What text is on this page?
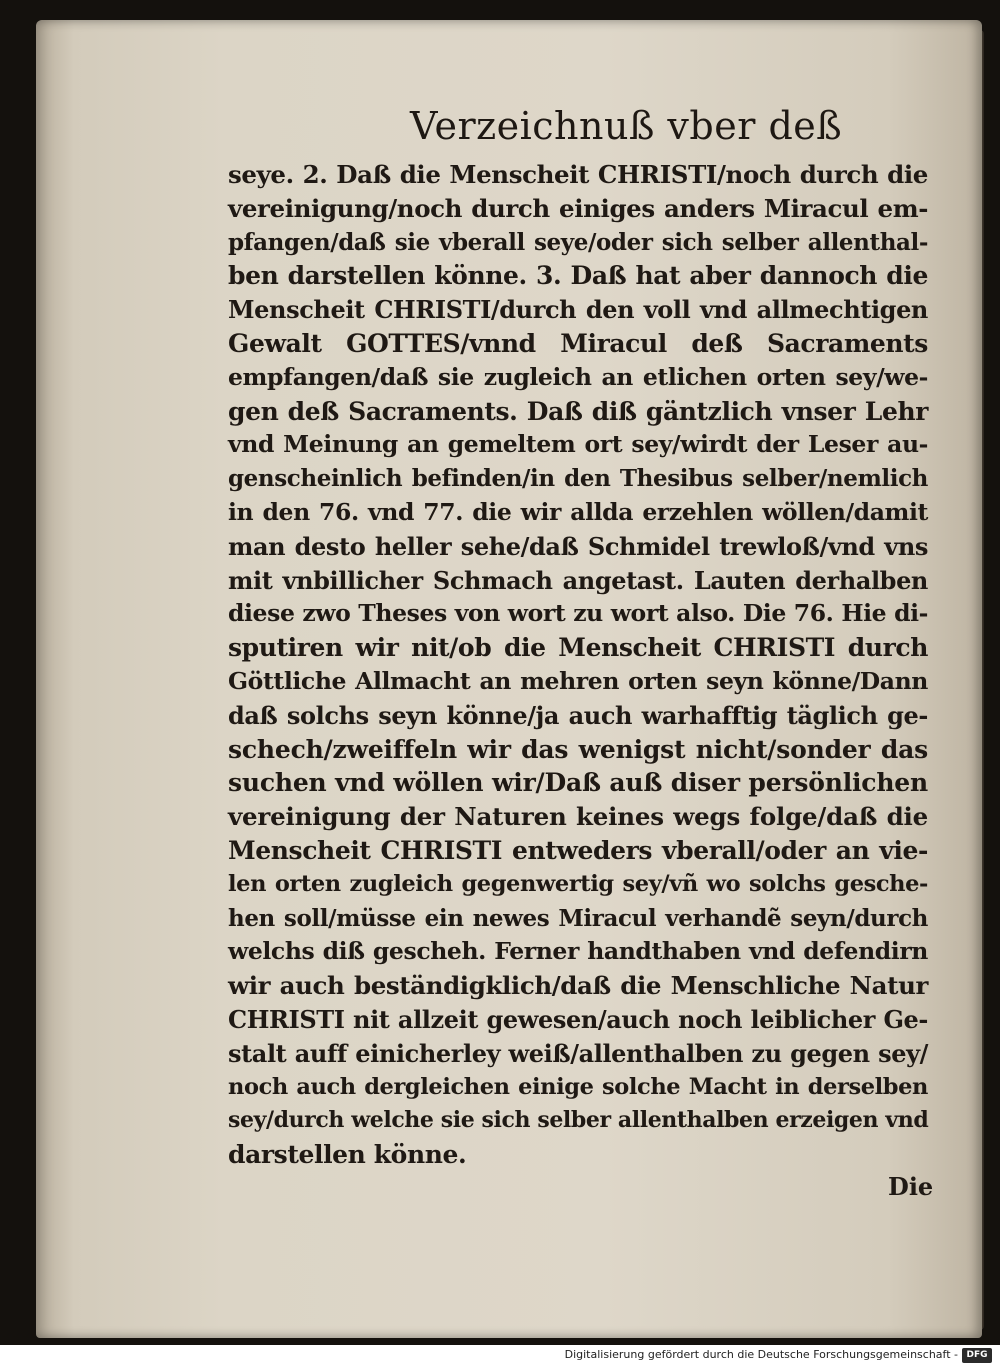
Verzeichnuß vber deß
seye. 2. Daß die Menscheit CHRISTI/noch durch die
vereinigung/noch durch einiges anders Miracul em-
pfangen/daß sie vberall seye/oder sich selber allenthal-
ben darstellen könne. 3. Daß hat aber dannoch die
Menscheit CHRISTI/durch den voll vnd allmechtigen
Gewalt GOTTES/vnnd Miracul deß Sacraments
empfangen/daß sie zugleich an etlichen orten sey/we-
gen deß Sacraments. Daß diß gäntzlich vnser Lehr
vnd Meinung an gemeltem ort sey/wirdt der Leser au-
genscheinlich befinden/in den Thesibus selber/nemlich
in den 76. vnd 77. die wir allda erzehlen wöllen/damit
man desto heller sehe/daß Schmidel trewloß/vnd vns
mit vnbillicher Schmach angetast. Lauten derhalben
diese zwo Theses von wort zu wort also. Die 76. Hie di-
sputiren wir nit/ob die Menscheit CHRISTI durch
Göttliche Allmacht an mehren orten seyn könne/Dann
daß solchs seyn könne/ja auch warhafftig täglich ge-
schech/zweiffeln wir das wenigst nicht/sonder das
suchen vnd wöllen wir/Daß auß diser persönlichen
vereinigung der Naturen keines wegs folge/daß die
Menscheit CHRISTI entweders vberall/oder an vie-
len orten zugleich gegenwertig sey/vñ wo solchs gesche-
hen soll/müsse ein newes Miracul verhandẽ seyn/durch
welchs diß gescheh. Ferner handthaben vnd defendirn
wir auch beständigklich/daß die Menschliche Natur
CHRISTI nit allzeit gewesen/auch noch leiblicher Ge-
stalt auff einicherley weiß/allenthalben zu gegen sey/
noch auch dergleichen einige solche Macht in derselben
sey/durch welche sie sich selber allenthalben erzeigen vnd
darstellen könne.
Die
Digitalisierung gefördert durch die Deutsche Forschungsgemeinschaft - DFG
